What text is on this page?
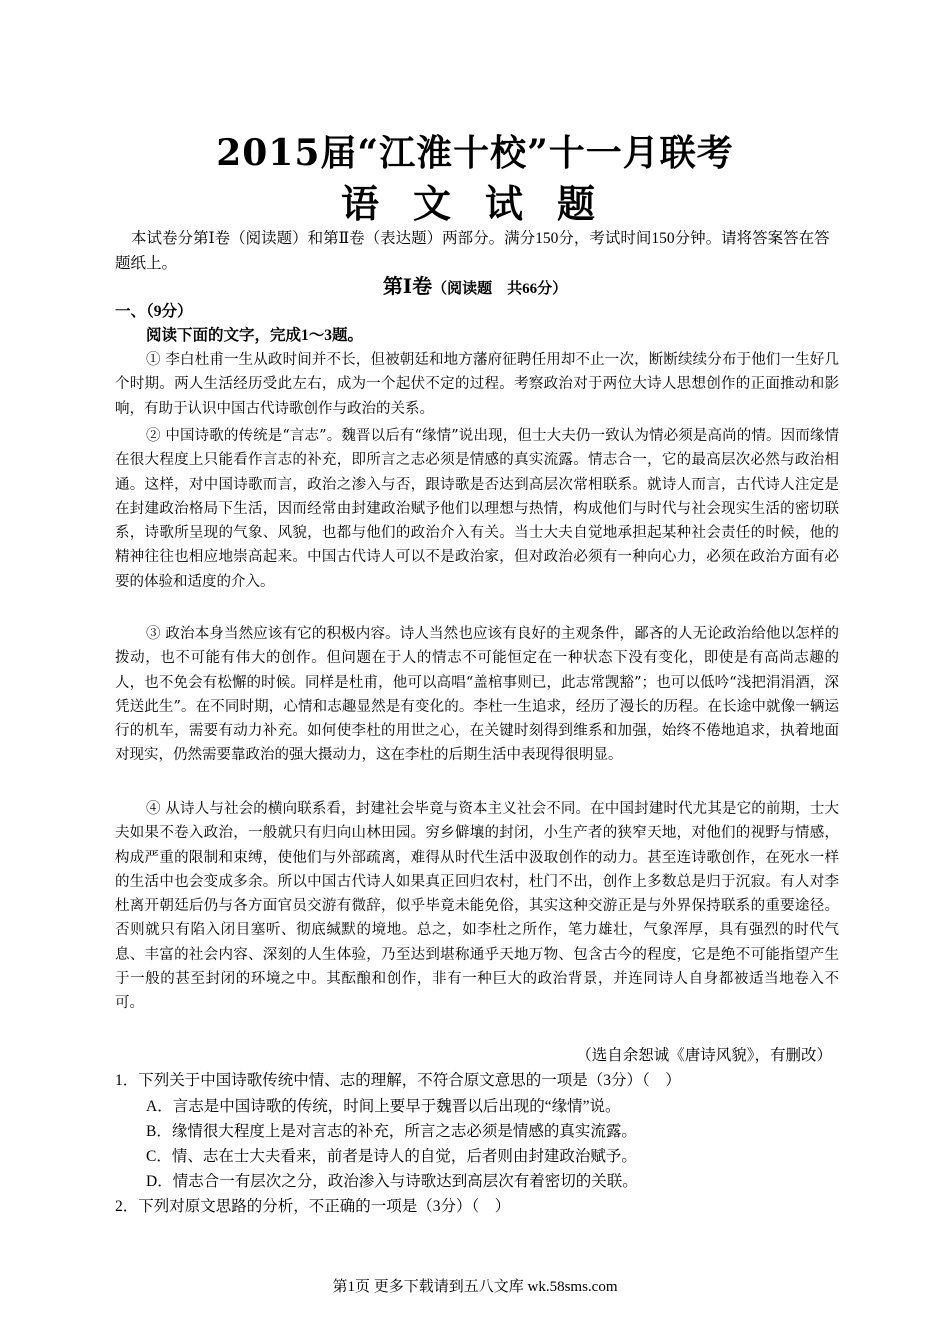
2015届“江淮十校”十一月联考
语文试题
本试卷分第Ⅰ卷（阅读题）和第Ⅱ卷（表达题）两部分。满分150分，考试时间150分钟。请将答案答在答题纸上。
第Ⅰ卷（阅读题　共66分）
一、（9分）
阅读下面的文字，完成1～3题。

① 李白杜甫一生从政时间并不长，但被朝廷和地方藩府征聘任用却不止一次，断断续续分布于他们一生好几个时期。两人生活经历受此左右，成为一个起伏不定的过程。考察政治对于两位大诗人思想创作的正面推动和影响，有助于认识中国古代诗歌创作与政治的关系。

② 中国诗歌的传统是“言志”。魏晋以后有“缘情”说出现，但士大夫仍一致认为情必须是高尚的情。因而缘情在很大程度上只能看作言志的补充，即所言之志必须是情感的真实流露。情志合一，它的最高层次必然与政治相通。这样，对中国诗歌而言，政治之渗入与否，跟诗歌是否达到高层次常相联系。就诗人而言，古代诗人注定是在封建政治格局下生活，因而经常由封建政治赋予他们以理想与热情，构成他们与时代与社会现实生活的密切联系，诗歌所呈现的气象、风貌，也都与他们的政治介入有关。当士大夫自觉地承担起某种社会责任的时候，他的精神往往也相应地崇高起来。中国古代诗人可以不是政治家，但对政治必须有一种向心力，必须在政治方面有必要的体验和适度的介入。

③ 政治本身当然应该有它的积极内容。诗人当然也应该有良好的主观条件，鄙吝的人无论政治给他以怎样的拨动，也不可能有伟大的创作。但问题在于人的情志不可能恒定在一种状态下没有变化，即使是有高尚志趣的人，也不免会有松懈的时候。同样是杜甫，他可以高唱“盖棺事则已，此志常觊豁”；也可以低吟“浅把涓涓酒，深凭送此生”。在不同时期，心情和志趣显然是有变化的。李杜一生追求，经历了漫长的历程。在长途中就像一辆运行的机车，需要有动力补充。如何使李杜的用世之心，在关键时刻得到维系和加强，始终不倦地追求，执着地面对现实，仍然需要靠政治的强大摄动力，这在李杜的后期生活中表现得很明显。

④ 从诗人与社会的横向联系看，封建社会毕竟与资本主义社会不同。在中国封建时代尤其是它的前期，士大夫如果不卷入政治，一般就只有归向山林田园。穷乡僻壤的封闭，小生产者的狭窄天地，对他们的视野与情感，构成严重的限制和束缚，使他们与外部疏离，难得从时代生活中汲取创作的动力。甚至连诗歌创作，在死水一样的生活中也会变成多余。所以中国古代诗人如果真正回归农村，杜门不出，创作上多数总是归于沉寂。有人对李杜离开朝廷后仍与各方面官员交游有微辞，似乎毕竟未能免俗，其实这种交游正是与外界保持联系的重要途径。否则就只有陷入闭目塞听、彻底缄默的境地。总之，如李杜之所作，笔力雄壮，气象浑厚，具有强烈的时代气息、丰富的社会内容、深刻的人生体验，乃至达到堪称通乎天地万物、包含古今的程度，它是绝不可能指望产生于一般的甚至封闭的环境之中。其酝酿和创作，非有一种巨大的政治背景，并连同诗人自身都被适当地卷入不可。

（选自余恕诚《唐诗风貌》，有删改）
1．下列关于中国诗歌传统中情、志的理解，不符合原文意思的一项是（3分）（　）
A．言志是中国诗歌的传统，时间上要早于魏晋以后出现的“缘情”说。
B．缘情很大程度上是对言志的补充，所言之志必须是情感的真实流露。
C．情、志在士大夫看来，前者是诗人的自觉，后者则由封建政治赋予。
D．情志合一有层次之分，政治渗入与诗歌达到高层次有着密切的关联。
2．下列对原文思路的分析，不正确的一项是（3分）（　）
第1页 更多下载请到五八文库 wk.58sms.com
